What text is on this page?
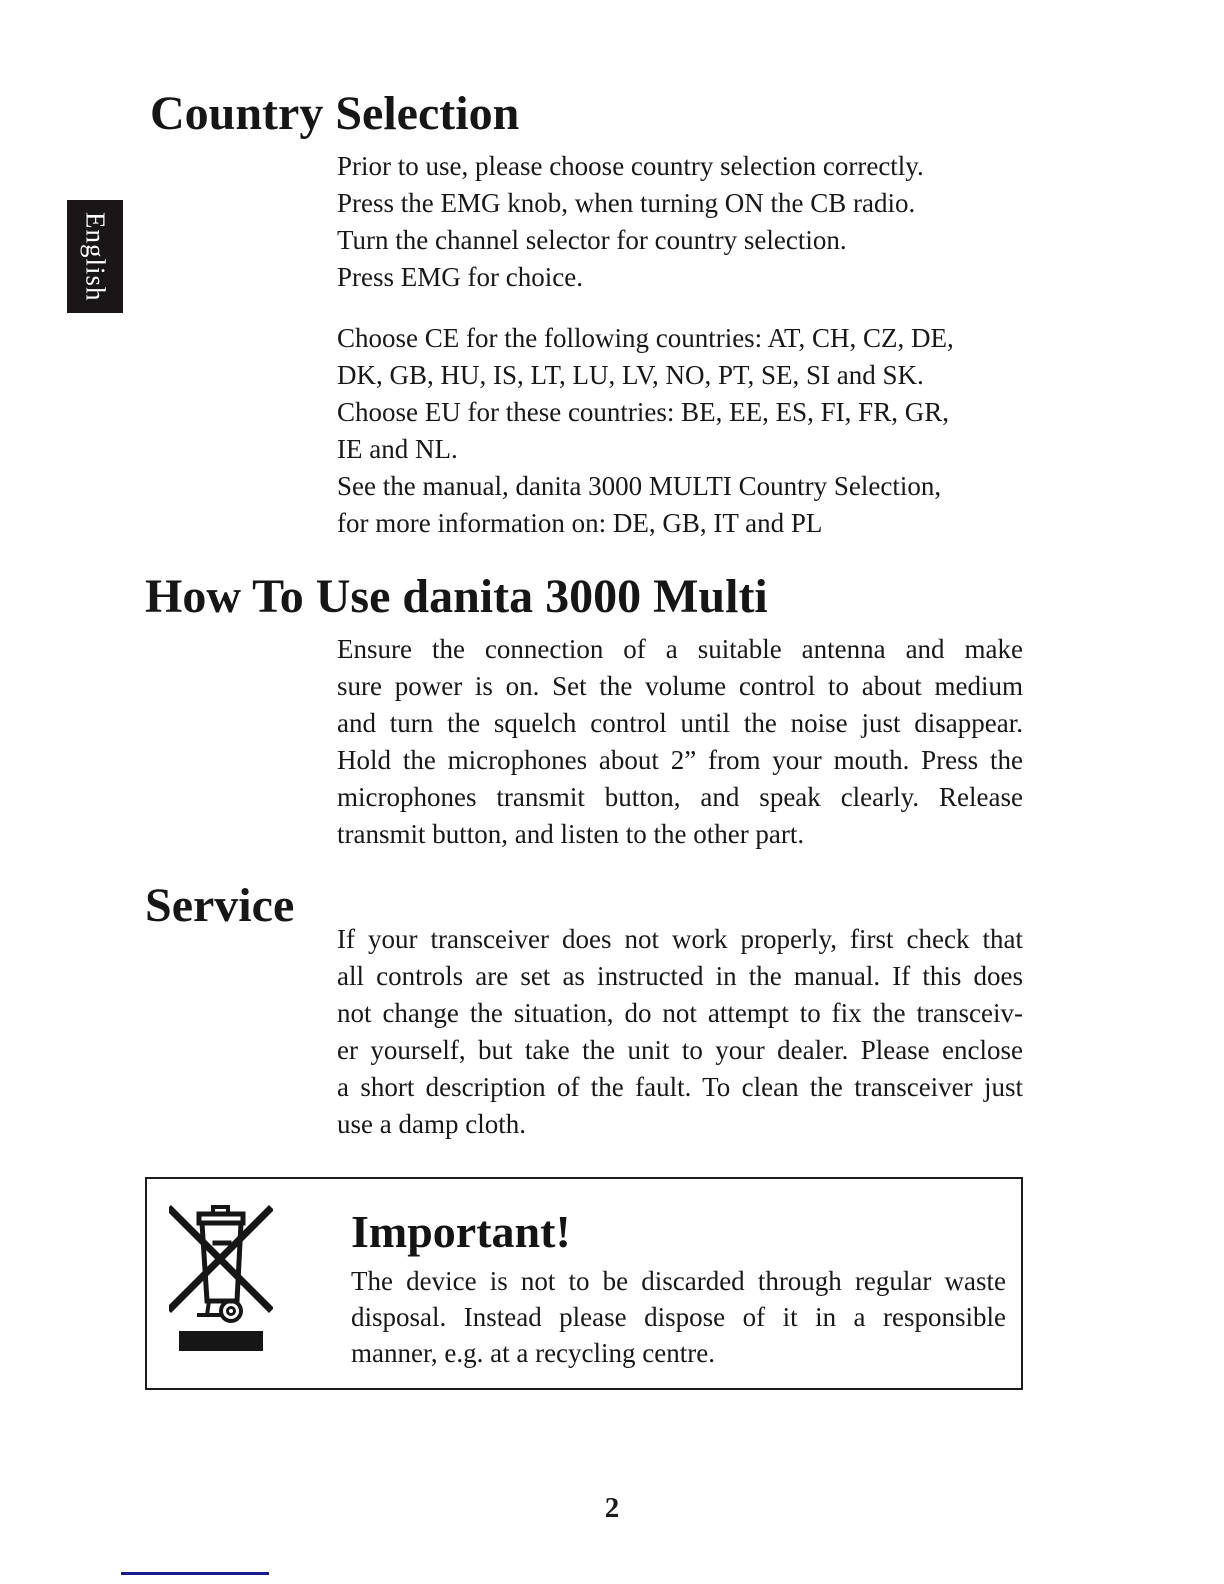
English
Country Selection
Prior to use, please choose country selection correctly.
Press the EMG knob, when turning ON the CB radio.
Turn the channel selector for country selection.
Press EMG for choice.
Choose CE for the following countries: AT, CH, CZ, DE,
DK, GB, HU, IS, LT, LU, LV, NO, PT, SE, SI and SK.
Choose EU for these countries: BE, EE, ES, FI, FR, GR,
IE and NL.
See the manual, danita 3000 MULTI Country Selection,
for more information on: DE, GB, IT and PL
How To Use danita 3000 Multi
Ensure the connection of a suitable antenna and make
sure power is on. Set the volume control to about medium
and turn the squelch control until the noise just disappear.
Hold the microphones about 2” from your mouth. Press the
microphones transmit button, and speak clearly. Release
transmit button, and listen to the other part.
Service
If your transceiver does not work properly, first check that
all controls are set as instructed in the manual. If this does
not change the situation, do not attempt to fix the transceiv-
er yourself, but take the unit to your dealer. Please enclose
a short description of the fault. To clean the transceiver just
use a damp cloth.
Important!
The device is not to be discarded through regular waste
disposal. Instead please dispose of it in a responsible
manner, e.g. at a recycling centre.
2
